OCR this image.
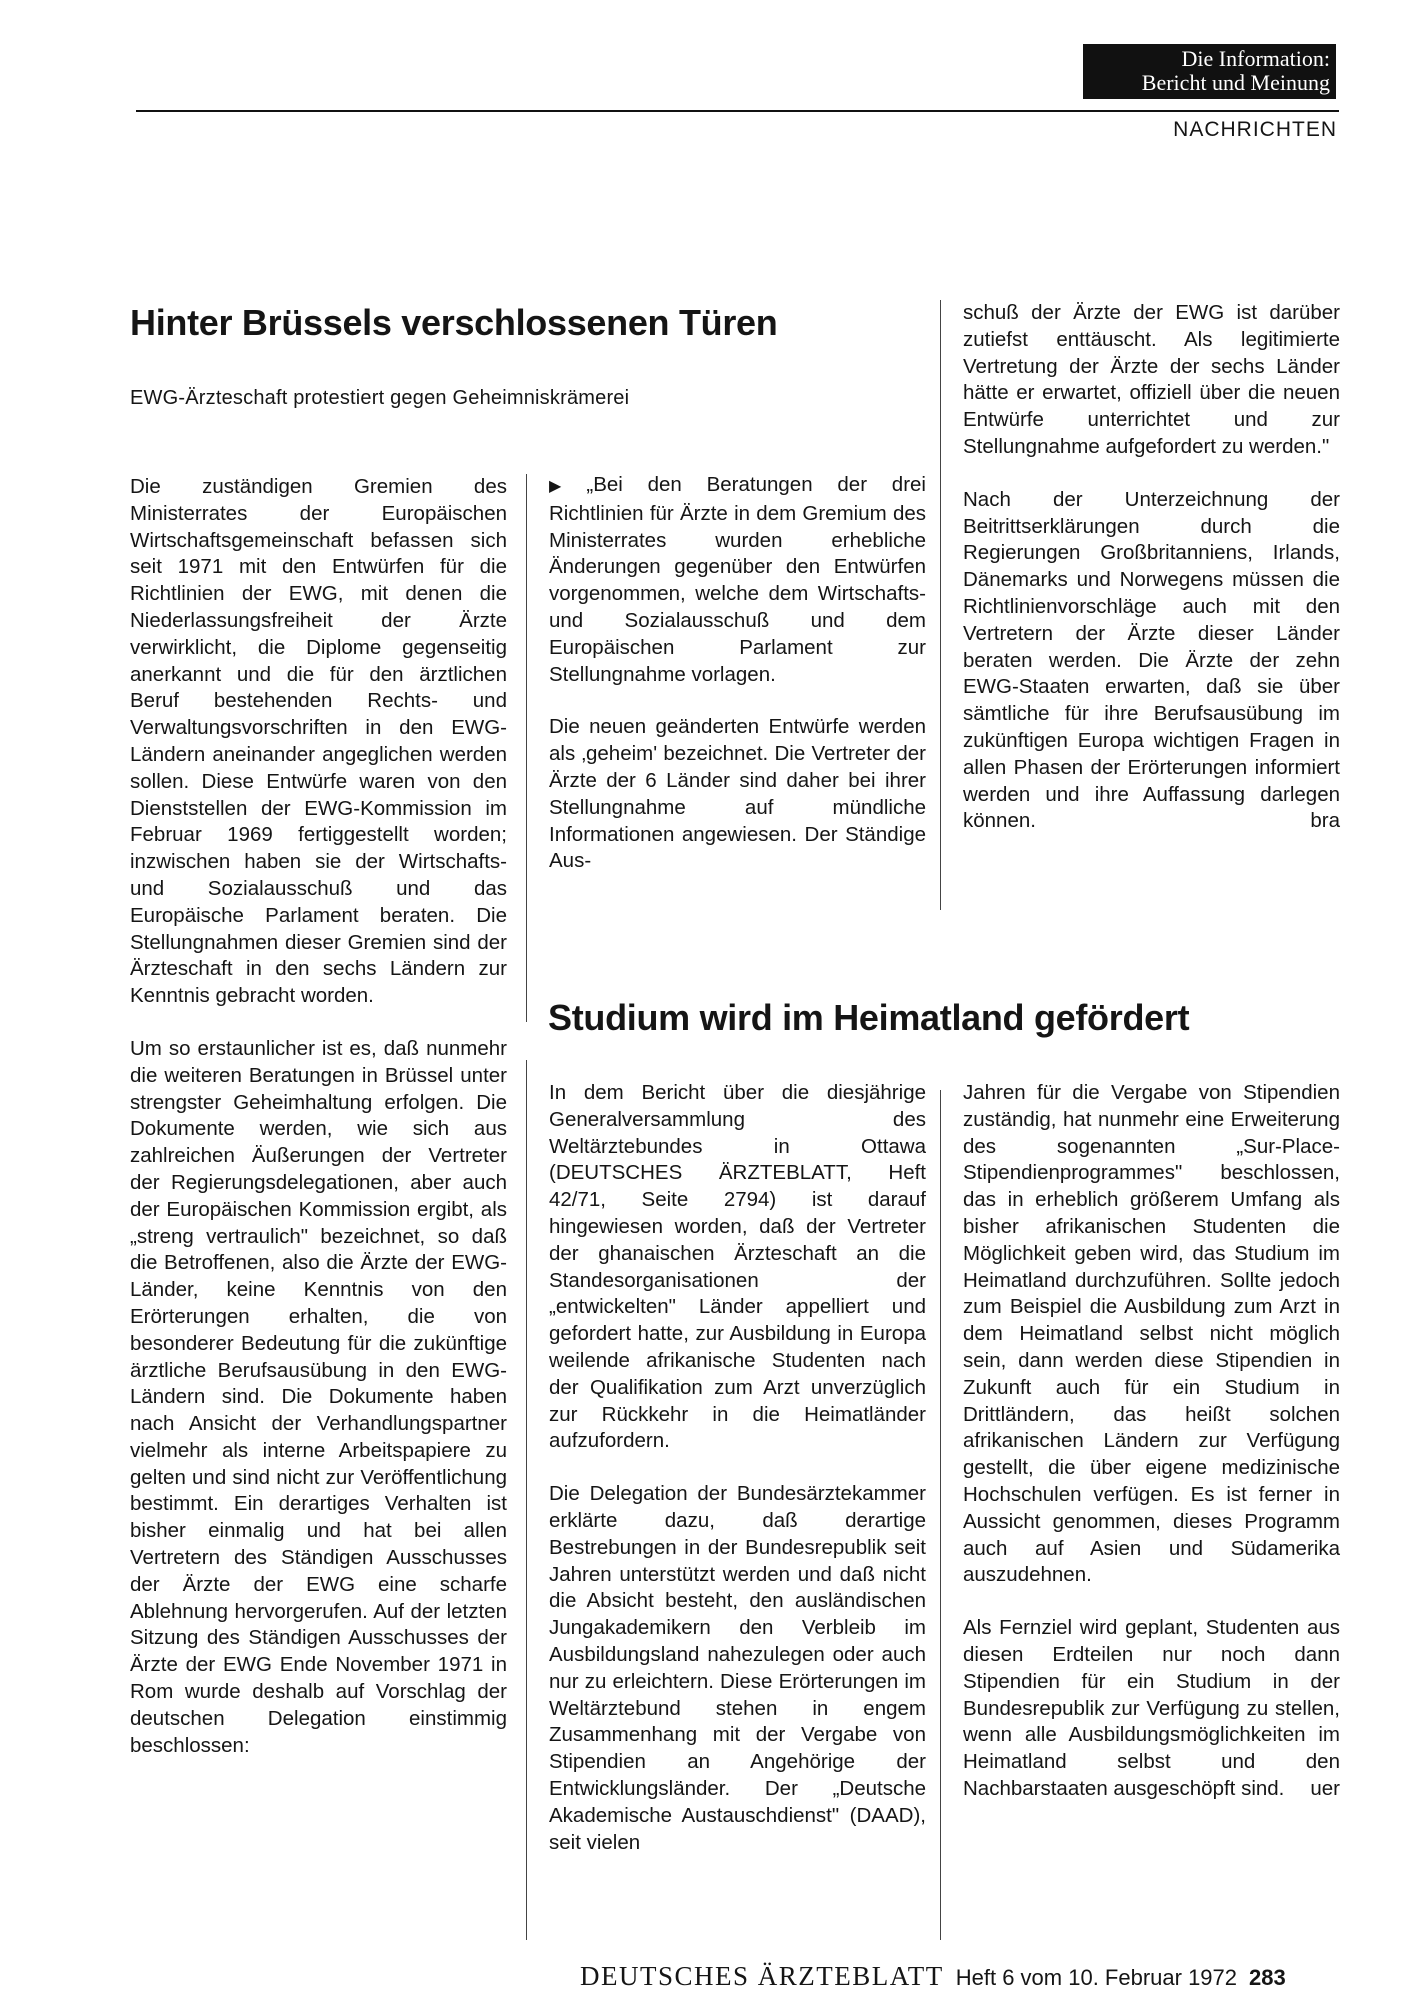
Die Information:
Bericht und Meinung
NACHRICHTEN
Hinter Brüssels verschlossenen Türen
EWG-Ärzteschaft protestiert gegen Geheimniskrämerei

Die zuständigen Gremien des Ministerrates der Europäischen Wirtschaftsgemeinschaft befassen sich seit 1971 mit den Entwürfen für die Richtlinien der EWG, mit denen die Niederlassungsfreiheit der Ärzte verwirklicht, die Diplome gegenseitig anerkannt und die für den ärztlichen Beruf bestehenden Rechts- und Verwaltungsvorschriften in den EWG-Ländern aneinander angeglichen werden sollen. Diese Entwürfe waren von den Dienststellen der EWG-Kommission im Februar 1969 fertiggestellt worden; inzwischen haben sie der Wirtschafts- und Sozialausschuß und das Europäische Parlament beraten. Die Stellungnahmen dieser Gremien sind der Ärzteschaft in den sechs Ländern zur Kenntnis gebracht worden.

Um so erstaunlicher ist es, daß nunmehr die weiteren Beratungen in Brüssel unter strengster Geheimhaltung erfolgen. Die Dokumente werden, wie sich aus zahlreichen Äußerungen der Vertreter der Regierungsdelegationen, aber auch der Europäischen Kommission ergibt, als „streng vertraulich" bezeichnet, so daß die Betroffenen, also die Ärzte der EWG-Länder, keine Kenntnis von den Erörterungen erhalten, die von besonderer Bedeutung für die zukünftige ärztliche Berufsausübung in den EWG-Ländern sind. Die Dokumente haben nach Ansicht der Verhandlungspartner vielmehr als interne Arbeitspapiere zu gelten und sind nicht zur Veröffentlichung bestimmt. Ein derartiges Verhalten ist bisher einmalig und hat bei allen Vertretern des Ständigen Ausschusses der Ärzte der EWG eine scharfe Ablehnung hervorgerufen. Auf der letzten Sitzung des Ständigen Ausschusses der Ärzte der EWG Ende November 1971 in Rom wurde deshalb auf Vorschlag der deutschen Delegation einstimmig beschlossen:

▶ „Bei den Beratungen der drei Richtlinien für Ärzte in dem Gremium des Ministerrates wurden erhebliche Änderungen gegenüber den Entwürfen vorgenommen, welche dem Wirtschafts- und Sozialausschuß und dem Europäischen Parlament zur Stellungnahme vorlagen.

Die neuen geänderten Entwürfe werden als ‚geheim' bezeichnet. Die Vertreter der Ärzte der 6 Länder sind daher bei ihrer Stellungnahme auf mündliche Informationen angewiesen. Der Ständige Aus-

schuß der Ärzte der EWG ist darüber zutiefst enttäuscht. Als legitimierte Vertretung der Ärzte der sechs Länder hätte er erwartet, offiziell über die neuen Entwürfe unterrichtet und zur Stellungnahme aufgefordert zu werden."

Nach der Unterzeichnung der Beitrittserklärungen durch die Regierungen Großbritanniens, Irlands, Dänemarks und Norwegens müssen die Richtlinienvorschläge auch mit den Vertretern der Ärzte dieser Länder beraten werden. Die Ärzte der zehn EWG-Staaten erwarten, daß sie über sämtliche für ihre Berufsausübung im zukünftigen Europa wichtigen Fragen in allen Phasen der Erörterungen informiert werden und ihre Auffassung darlegen können.	bra

Studium wird im Heimatland gefördert

In dem Bericht über die diesjährige Generalversammlung des Weltärztebundes in Ottawa (DEUTSCHES ÄRZTEBLATT, Heft 42/71, Seite 2794) ist darauf hingewiesen worden, daß der Vertreter der ghanaischen Ärzteschaft an die Standesorganisationen der „entwickelten" Länder appelliert und gefordert hatte, zur Ausbildung in Europa weilende afrikanische Studenten nach der Qualifikation zum Arzt unverzüglich zur Rückkehr in die Heimatländer aufzufordern.

Die Delegation der Bundesärztekammer erklärte dazu, daß derartige Bestrebungen in der Bundesrepublik seit Jahren unterstützt werden und daß nicht die Absicht besteht, den ausländischen Jungakademikern den Verbleib im Ausbildungsland nahezulegen oder auch nur zu erleichtern. Diese Erörterungen im Weltärztebund stehen in engem Zusammenhang mit der Vergabe von Stipendien an Angehörige der Entwicklungsländer. Der „Deutsche Akademische Austauschdienst" (DAAD), seit vielen

Jahren für die Vergabe von Stipendien zuständig, hat nunmehr eine Erweiterung des sogenannten „Sur-Place-Stipendienprogrammes" beschlossen, das in erheblich größerem Umfang als bisher afrikanischen Studenten die Möglichkeit geben wird, das Studium im Heimatland durchzuführen. Sollte jedoch zum Beispiel die Ausbildung zum Arzt in dem Heimatland selbst nicht möglich sein, dann werden diese Stipendien in Zukunft auch für ein Studium in Drittländern, das heißt solchen afrikanischen Ländern zur Verfügung gestellt, die über eigene medizinische Hochschulen verfügen. Es ist ferner in Aussicht genommen, dieses Programm auch auf Asien und Südamerika auszudehnen.

Als Fernziel wird geplant, Studenten aus diesen Erdteilen nur noch dann Stipendien für ein Studium in der Bundesrepublik zur Verfügung zu stellen, wenn alle Ausbildungsmöglichkeiten im Heimatland selbst und den Nachbarstaaten ausgeschöpft sind. uer

DEUTSCHES ÄRZTEBLATT Heft 6 vom 10. Februar 1972 283
